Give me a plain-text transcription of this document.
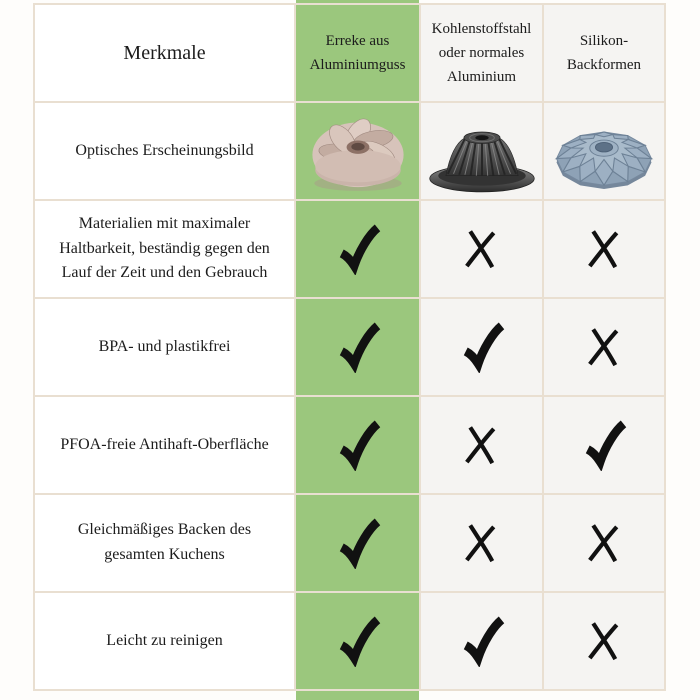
Merkmale
Erreke aus Aluminiumguss
Kohlenstoffstahl oder normales Aluminium
Silikon-Backformen
Optisches Erscheinungsbild
Materialien mit maximaler Haltbarkeit, beständig gegen den Lauf der Zeit und den Gebrauch
BPA- und plastikfrei
PFOA-freie Antihaft-Oberfläche
Gleichmäßiges Backen des gesamten Kuchens
Leicht zu reinigen
